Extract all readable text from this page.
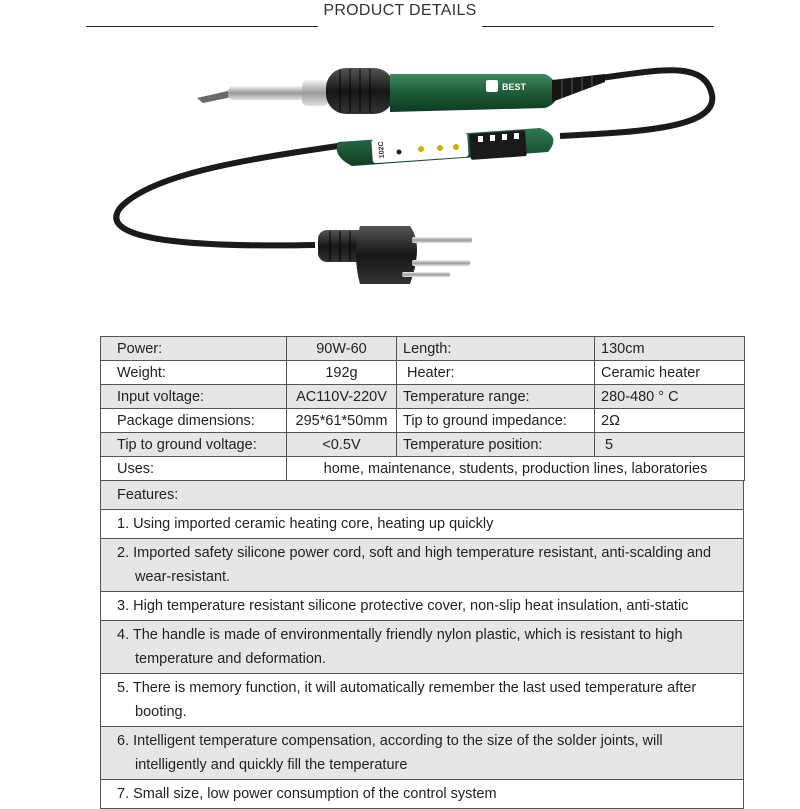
PRODUCT DETAILS
BEST
102C
Power:	90W-60	Length:	130cm
Weight:	192g	Heater:	Ceramic heater
Input voltage:	AC110V-220V	Temperature range:	280-480 ° C
Package dimensions:	295*61*50mm	Tip to ground impedance:	2Ω
Tip to ground voltage:	<0.5V	Temperature position:	5
Uses:	home, maintenance, students, production lines, laboratories		
Features:

1. Using imported ceramic heating core, heating up quickly

2. Imported safety silicone power cord, soft and high temperature resistant, anti-scalding and wear-resistant.

3. High temperature resistant silicone protective cover, non-slip heat insulation, anti-static

4. The handle is made of environmentally friendly nylon plastic, which is resistant to high temperature and deformation.

5. There is memory function, it will automatically remember the last used temperature after booting.

6. Intelligent temperature compensation, according to the size of the solder joints, will intelligently and quickly fill the temperature

7. Small size, low power consumption of the control system
